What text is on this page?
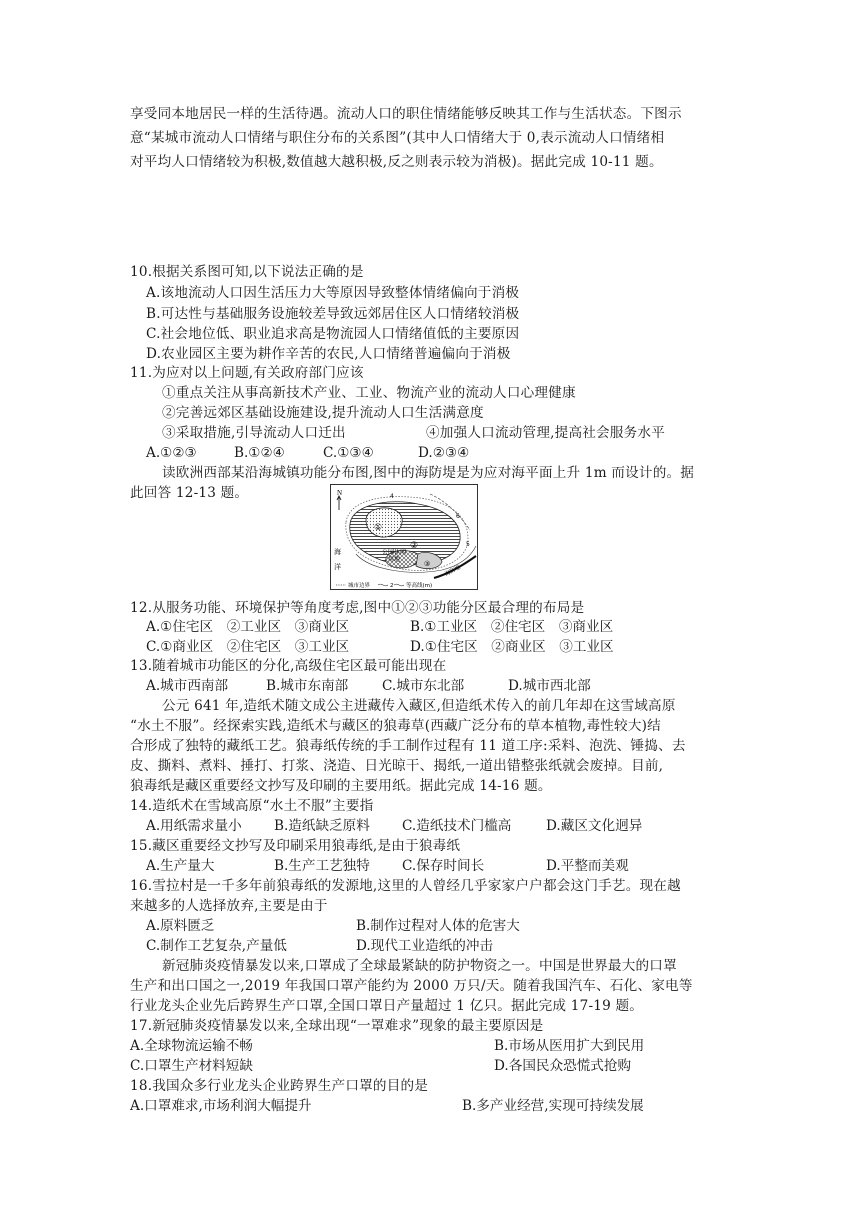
享受同本地居民一样的生活待遇。流动人口的职住情绪能够反映其工作与生活状态。下图示
意“某城市流动人口情绪与职住分布的关系图”(其中人口情绪大于 0,表示流动人口情绪相
对平均人口情绪较为积极,数值越大越积极,反之则表示较为消极)。据此完成 10-11 题。
10.根据关系图可知,以下说法正确的是
A.该地流动人口因生活压力大等原因导致整体情绪偏向于消极
B.可达性与基础服务设施较差导致远郊居住区人口情绪较消极
C.社会地位低、职业追求高是物流园人口情绪值低的主要原因
D.农业园区主要为耕作辛苦的农民,人口情绪普遍偏向于消极
11.为应对以上问题,有关政府部门应该
①重点关注从事高新技术产业、工业、物流产业的流动人口心理健康
②完善远郊区基础设施建设,提升流动人口生活满意度
③采取措施,引导流动人口迁出	④加强人口流动管理,提高社会服务水平
A.①②③	B.①②④	C.①③④	D.②③④
读欧洲西部某沿海城镇功能分布图,图中的海防堤是为应对海平面上升 1m 而设计的。据
此回答 12-13 题。	N
①
②
③
公园休闲
用地
海
洋	海防堤
4
6
5
城市边界	2 等高线(m)
12.从服务功能、环境保护等角度考虑,图中①②③功能分区最合理的布局是
A.①住宅区　②工业区　③商业区	B.①工业区　②住宅区　③商业区
C.①商业区　②住宅区　③工业区	D.①住宅区　②商业区　③工业区
13.随着城市功能区的分化,高级住宅区最可能出现在
A.城市西南部	B.城市东南部 C.城市东北部	D.城市西北部
公元 641 年,造纸术随文成公主进藏传入藏区,但造纸术传入的前几年却在这雪域高原
“水土不服”。经探索实践,造纸术与藏区的狼毒草(西藏广泛分布的草本植物,毒性较大)结
合形成了独特的藏纸工艺。狼毒纸传统的手工制作过程有 11 道工序:采料、泡洗、锤捣、去
皮、撕料、煮料、捶打、打浆、浇造、日光晾干、揭纸,一道出错整张纸就会废掉。目前,
狼毒纸是藏区重要经文抄写及印刷的主要用纸。据此完成 14-16 题。
14.造纸术在雪域高原“水土不服”主要指
A.用纸需求量小 B.造纸缺乏原料 C.造纸技术门槛高	D.藏区文化迥异
15.藏区重要经文抄写及印刷采用狼毒纸,是由于狼毒纸
A.生产量大	B.生产工艺独特 C.保存时间长	D.平整而美观
16.雪拉村是一千多年前狼毒纸的发源地,这里的人曾经几乎家家户户都会这门手艺。现在越
来越多的人选择放弃,主要是由于
A.原料匮乏	B.制作过程对人体的危害大
C.制作工艺复杂,产量低	D.现代工业造纸的冲击
新冠肺炎疫情暴发以来,口罩成了全球最紧缺的防护物资之一。中国是世界最大的口罩
生产和出口国之一,2019 年我国口罩产能约为 2000 万只/天。随着我国汽车、石化、家电等
行业龙头企业先后跨界生产口罩,全国口罩日产量超过 1 亿只。据此完成 17-19 题。
17.新冠肺炎疫情暴发以来,全球出现“一罩难求”现象的最主要原因是
A.全球物流运输不畅	B.市场从医用扩大到民用
C.口罩生产材料短缺	D.各国民众恐慌式抢购
18.我国众多行业龙头企业跨界生产口罩的目的是
A.口罩难求,市场利润大幅提升	B.多产业经营,实现可持续发展
